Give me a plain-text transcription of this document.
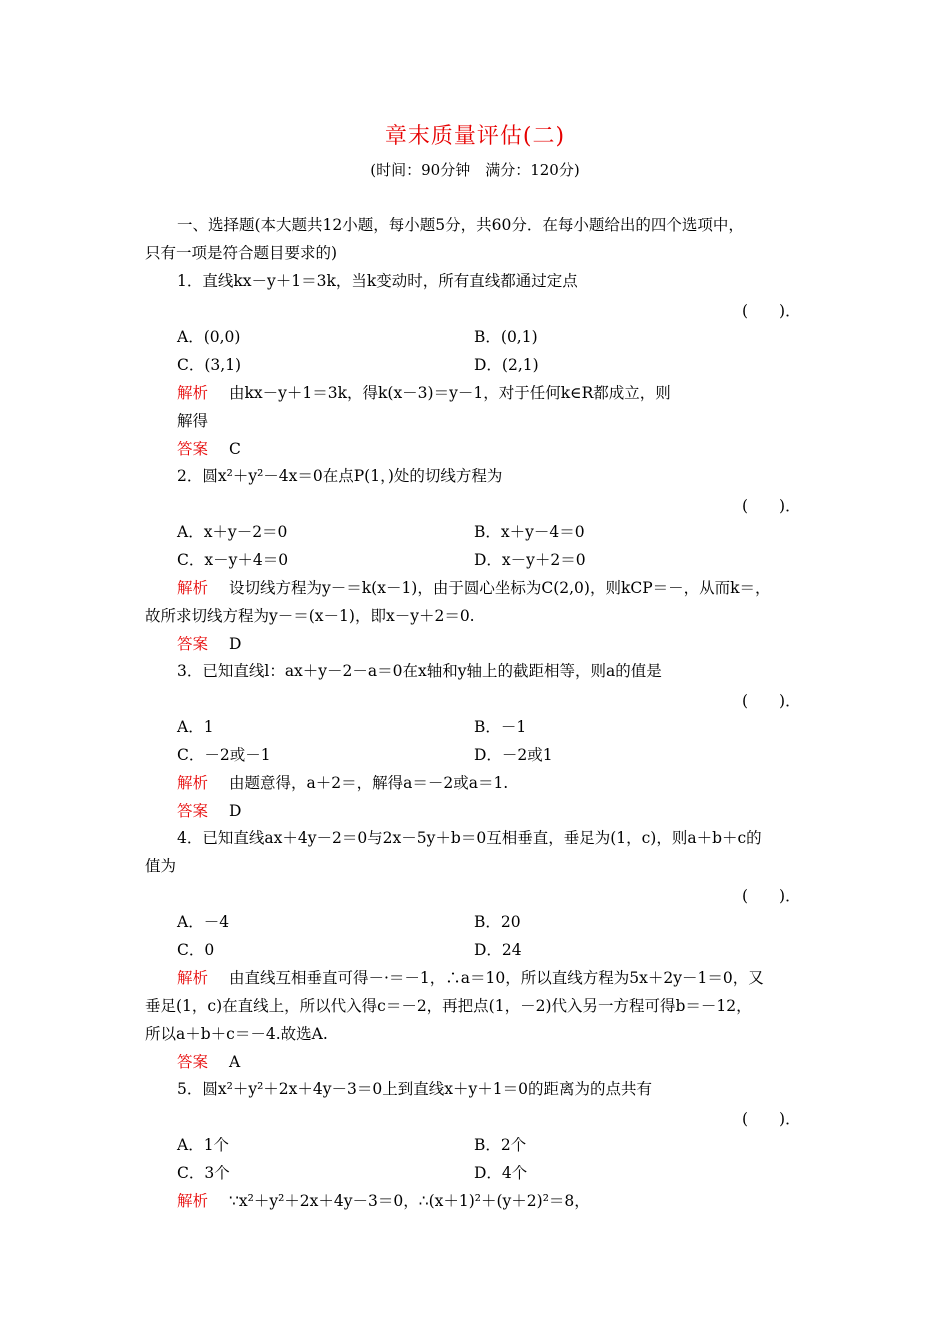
章末质量评估(二)
(时间：90分钟　满分：120分)
一、选择题(本大题共12小题，每小题5分，共60分．在每小题给出的四个选项中，
只有一项是符合题目要求的)
1．直线kx－y＋1＝3k，当k变动时，所有直线都通过定点
(　　)．
A．(0,0)	B．(0,1)
C．(3,1)	D．(2,1)
解析 由kx－y＋1＝3k，得k(x－3)＝y－1，对于任何k∈R都成立，则
解得
答案 C
2．圆x²＋y²－4x＝0在点P(1，)处的切线方程为
(　　)．
A．x＋y－2＝0	B．x＋y－4＝0
C．x－y＋4＝0	D．x－y＋2＝0
解析 设切线方程为y－＝k(x－1)，由于圆心坐标为C(2,0)，则kCP＝－，从而k＝，
故所求切线方程为y－＝(x－1)，即x－y＋2＝0.
答案 D
3．已知直线l：ax＋y－2－a＝0在x轴和y轴上的截距相等，则a的值是
(　　)．
A．1	B．－1
C．－2或－1	D．－2或1
解析 由题意得，a＋2＝，解得a＝－2或a＝1.
答案 D
4．已知直线ax＋4y－2＝0与2x－5y＋b＝0互相垂直，垂足为(1，c)，则a＋b＋c的
值为
(　　)．
A．－4	B．20
C．0	D．24
解析 由直线互相垂直可得－·＝－1，∴a＝10，所以直线方程为5x＋2y－1＝0，又
垂足(1，c)在直线上，所以代入得c＝－2，再把点(1，－2)代入另一方程可得b＝－12，
所以a＋b＋c＝－4.故选A.
答案 A
5．圆x²＋y²＋2x＋4y－3＝0上到直线x＋y＋1＝0的距离为的点共有
(　　)．
A．1个	B．2个
C．3个	D．4个
解析 ∵x²＋y²＋2x＋4y－3＝0，∴(x＋1)²＋(y＋2)²＝8，
